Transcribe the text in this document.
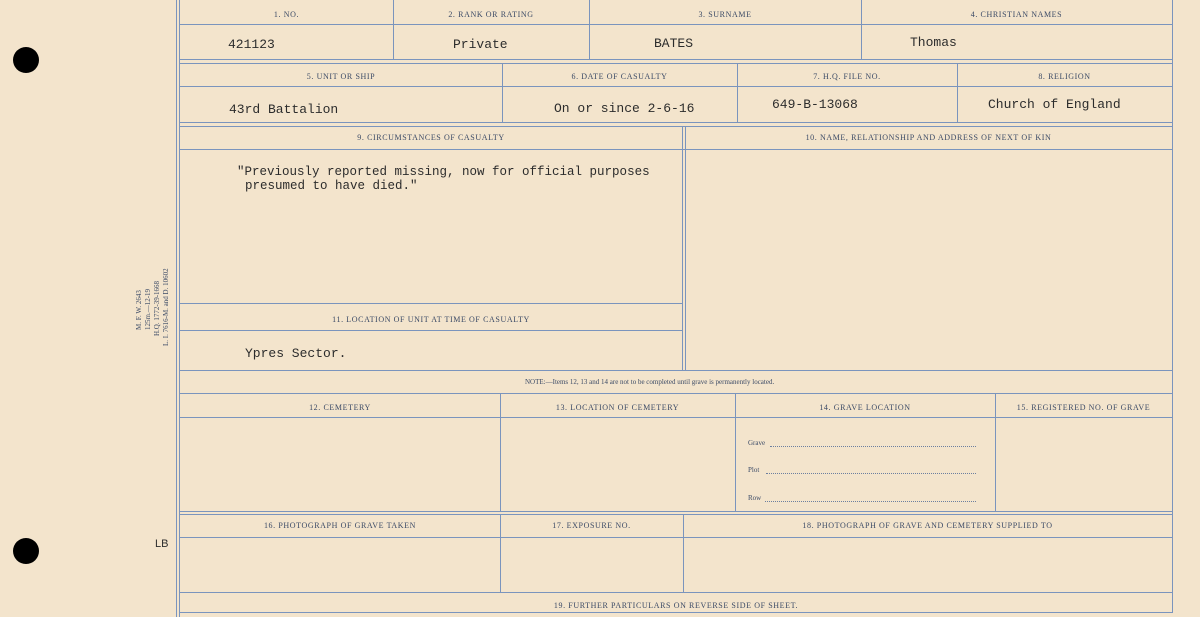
M. F. W. 2643 125m.—12-19 H.Q. 1772-39-1668 L. I. 7616-M. and D. 10602
LB
1. NO.	2. RANK OR RATING	3. SURNAME	4. CHRISTIAN NAMES
421123	Private	BATES	Thomas
5. UNIT OR SHIP	6. DATE OF CASUALTY	7. H.Q. FILE NO.	8. RELIGION
43rd Battalion	On or since 2-6-16	649-B-13068	Church of England
9. CIRCUMSTANCES OF CASUALTY	10. NAME, RELATIONSHIP AND ADDRESS OF NEXT OF KIN
"Previously reported missing, now for official purposes
presumed to have died."
11. LOCATION OF UNIT AT TIME OF CASUALTY
Ypres Sector.
NOTE:—Items 12, 13 and 14 are not to be completed until grave is permanently located.
12. CEMETERY	13. LOCATION OF CEMETERY	14. GRAVE LOCATION	15. REGISTERED NO. OF GRAVE
Grave
Plot
Row
16. PHOTOGRAPH OF GRAVE TAKEN	17. EXPOSURE NO.	18. PHOTOGRAPH OF GRAVE AND CEMETERY SUPPLIED TO
19. FURTHER PARTICULARS ON REVERSE SIDE OF SHEET.
